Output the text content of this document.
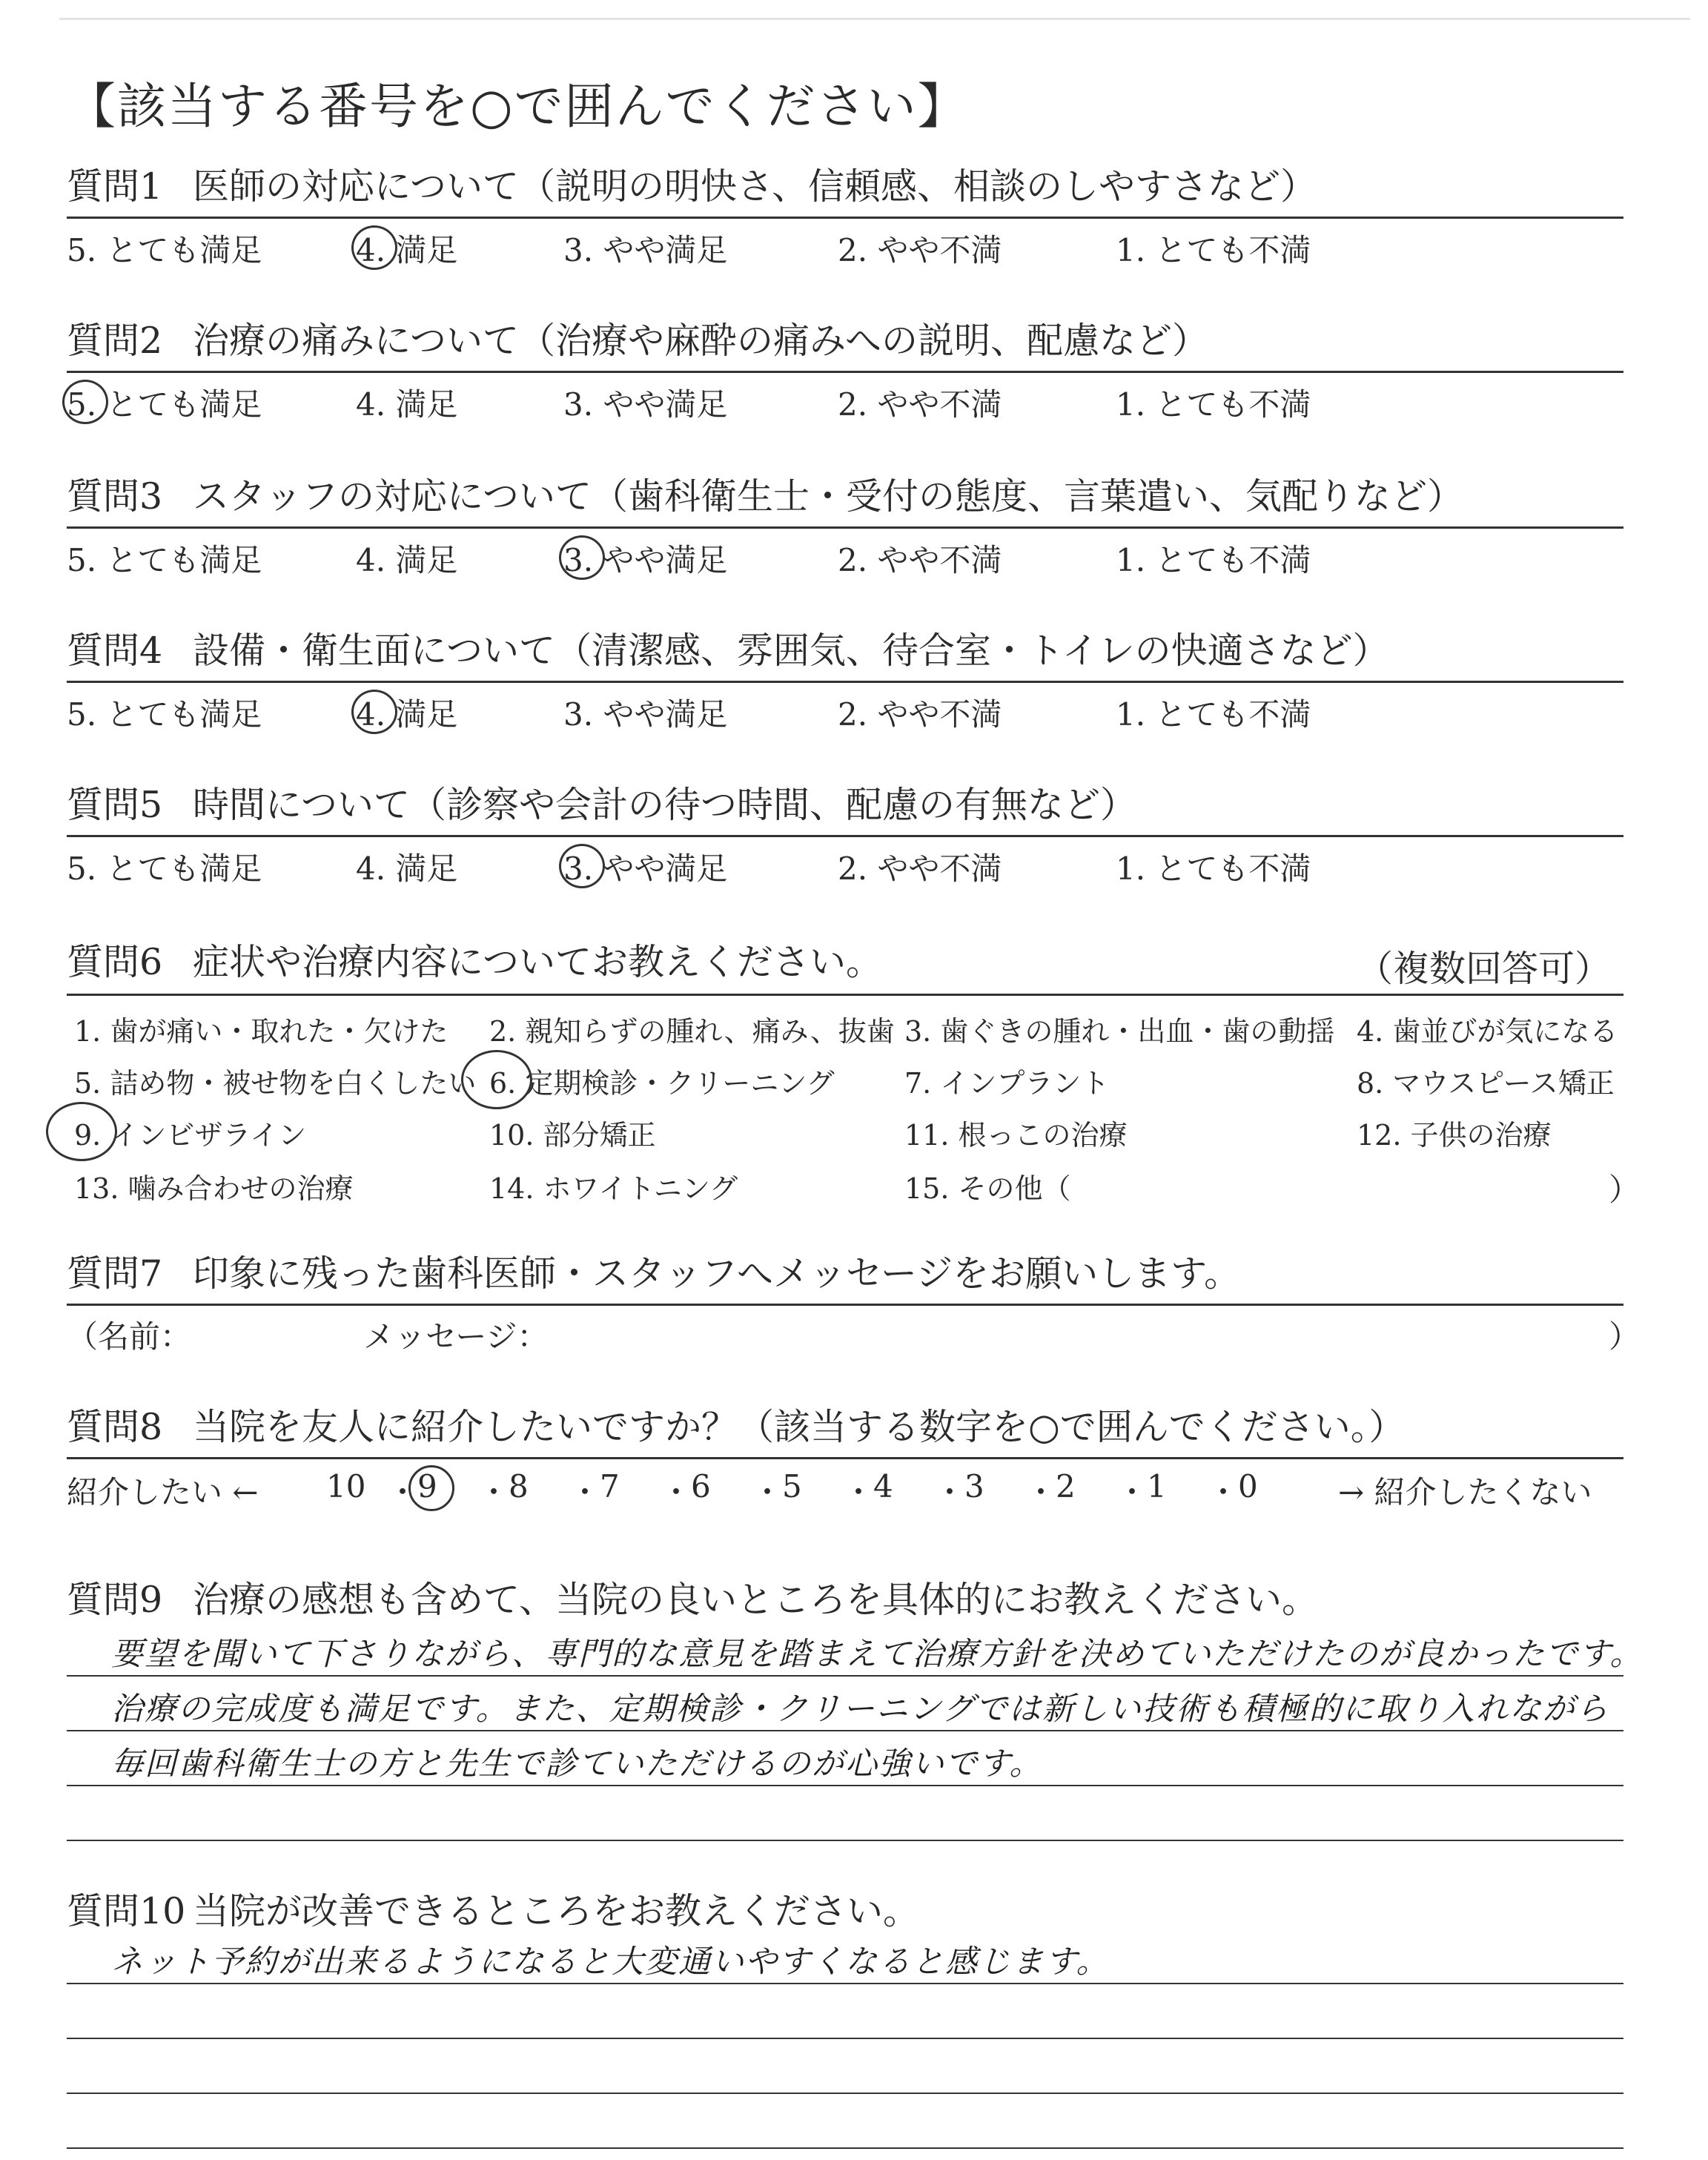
【該当する番号を○で囲んでください】
質問1 医師の対応について（説明の明快さ、信頼感、相談のしやすさなど）
5. とても満足	4. 満足	3. やや満足	2. やや不満	1. とても不満
質問2 治療の痛みについて（治療や麻酔の痛みへの説明、配慮など）
5. とても満足	4. 満足	3. やや満足	2. やや不満	1. とても不満
質問3 スタッフの対応について（歯科衛生士・受付の態度、言葉遣い、気配りなど）
5. とても満足	4. 満足	3. やや満足	2. やや不満	1. とても不満
質問4 設備・衛生面について（清潔感、雰囲気、待合室・トイレの快適さなど）
5. とても満足	4. 満足	3. やや満足	2. やや不満	1. とても不満
質問5 時間について（診察や会計の待つ時間、配慮の有無など）
5. とても満足	4. 満足	3. やや満足	2. やや不満	1. とても不満
質問6 症状や治療内容についてお教えください。	（複数回答可）
1. 歯が痛い・取れた・欠けた 2. 親知らずの腫れ、痛み、抜歯 3. 歯ぐきの腫れ・出血・歯の動揺 4. 歯並びが気になる
5. 詰め物・被せ物を白くしたい 6. 定期検診・クリーニング 7. インプラント	8. マウスピース矯正
9. インビザライン	10. 部分矯正	11. 根っこの治療	12. 子供の治療
13. 噛み合わせの治療	14. ホワイトニング	15. その他（	）
質問7 印象に残った歯科医師・スタッフへメッセージをお願いします。
（名前：	メッセージ：	）
質問8 当院を友人に紹介したいですか？（該当する数字を○で囲んでください。）
紹介したい ← 10 ・
9 ・
8 ・
7 ・
6 ・
5 ・
4 ・
3 ・
2 ・
1 ・
0	→ 紹介したくない
質問9 治療の感想も含めて、当院の良いところを具体的にお教えください。
要望を聞いて下さりながら、専門的な意見を踏まえて治療方針を決めていただけたのが良かったです。
治療の完成度も満足です。また、定期検診・クリーニングでは新しい技術も積極的に取り入れながら
毎回歯科衛生士の方と先生で診ていただけるのが心強いです。
質問10 当院が改善できるところをお教えください。
ネット予約が出来るようになると大変通いやすくなると感じます。
